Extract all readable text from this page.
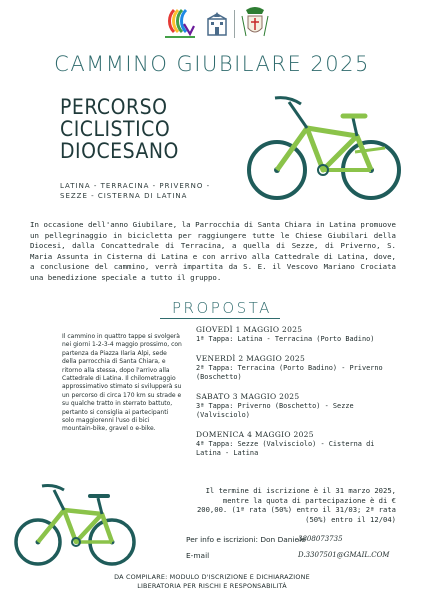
CAMMINO GIUBILARE 2025
PERCORSO
CICLISTICO
DIOCESANO
LATINA - TERRACINA - PRIVERNO -
SEZZE - CISTERNA DI LATINA
In occasione dell'anno Giubilare, la Parrocchia di Santa Chiara in Latina promuove un pellegrinaggio in bicicletta per raggiungere tutte le Chiese Giubilari della Diocesi, dalla Concattedrale di Terracina, a quella di Sezze, di Priverno, S. Maria Assunta in Cisterna di Latina e con arrivo alla Cattedrale di Latina, dove, a conclusione del cammino, verrà impartita da S. E. il Vescovo Mariano Crociata una benedizione speciale a tutto il gruppo.
PROPOSTA
Il cammino in quattro tappe si svolgerà nei giorni 1-2-3-4 maggio prossimo, con partenza da Piazza Ilaria Alpi, sede della parrocchia di Santa Chiara, e ritorno alla stessa, dopo l'arrivo alla Cattedrale di Latina. Il chilometraggio approssimativo stimato si svilupperà su un percorso di circa 170 km su strade e su qualche tratto in sterrato battuto, pertanto si consiglia ai partecipanti solo maggiorenni l'uso di bici mountain-bike, gravel o e-bike.
GIOVEDÌ 1 MAGGIO 2025
1ª Tappa: Latina - Terracina (Porto Badino)
VENERDÌ 2 MAGGIO 2025
2ª Tappa: Terracina (Porto Badino) - Priverno (Boschetto)
SABATO 3 MAGGIO 2025
3ª Tappa: Priverno (Boschetto) - Sezze (Valvisciolo)
DOMENICA 4 MAGGIO 2025
4ª Tappa: Sezze (Valvisciolo) - Cisterna di Latina - Latina
Il termine di iscrizione è il 31 marzo 2025, mentre la quota di partecipazione è di € 200,00. (1ª rata (50%) entro il 31/03; 2ª rata (50%) entro il 12/04)
Per info e iscrizioni: Don Daniele
3808073735
E-mail	D.3307501@GMAIL.COM
DA COMPILARE: MODULO D'ISCRIZIONE E DICHIARAZIONE
LIBERATORIA PER RISCHI E RESPONSABILITÀ
